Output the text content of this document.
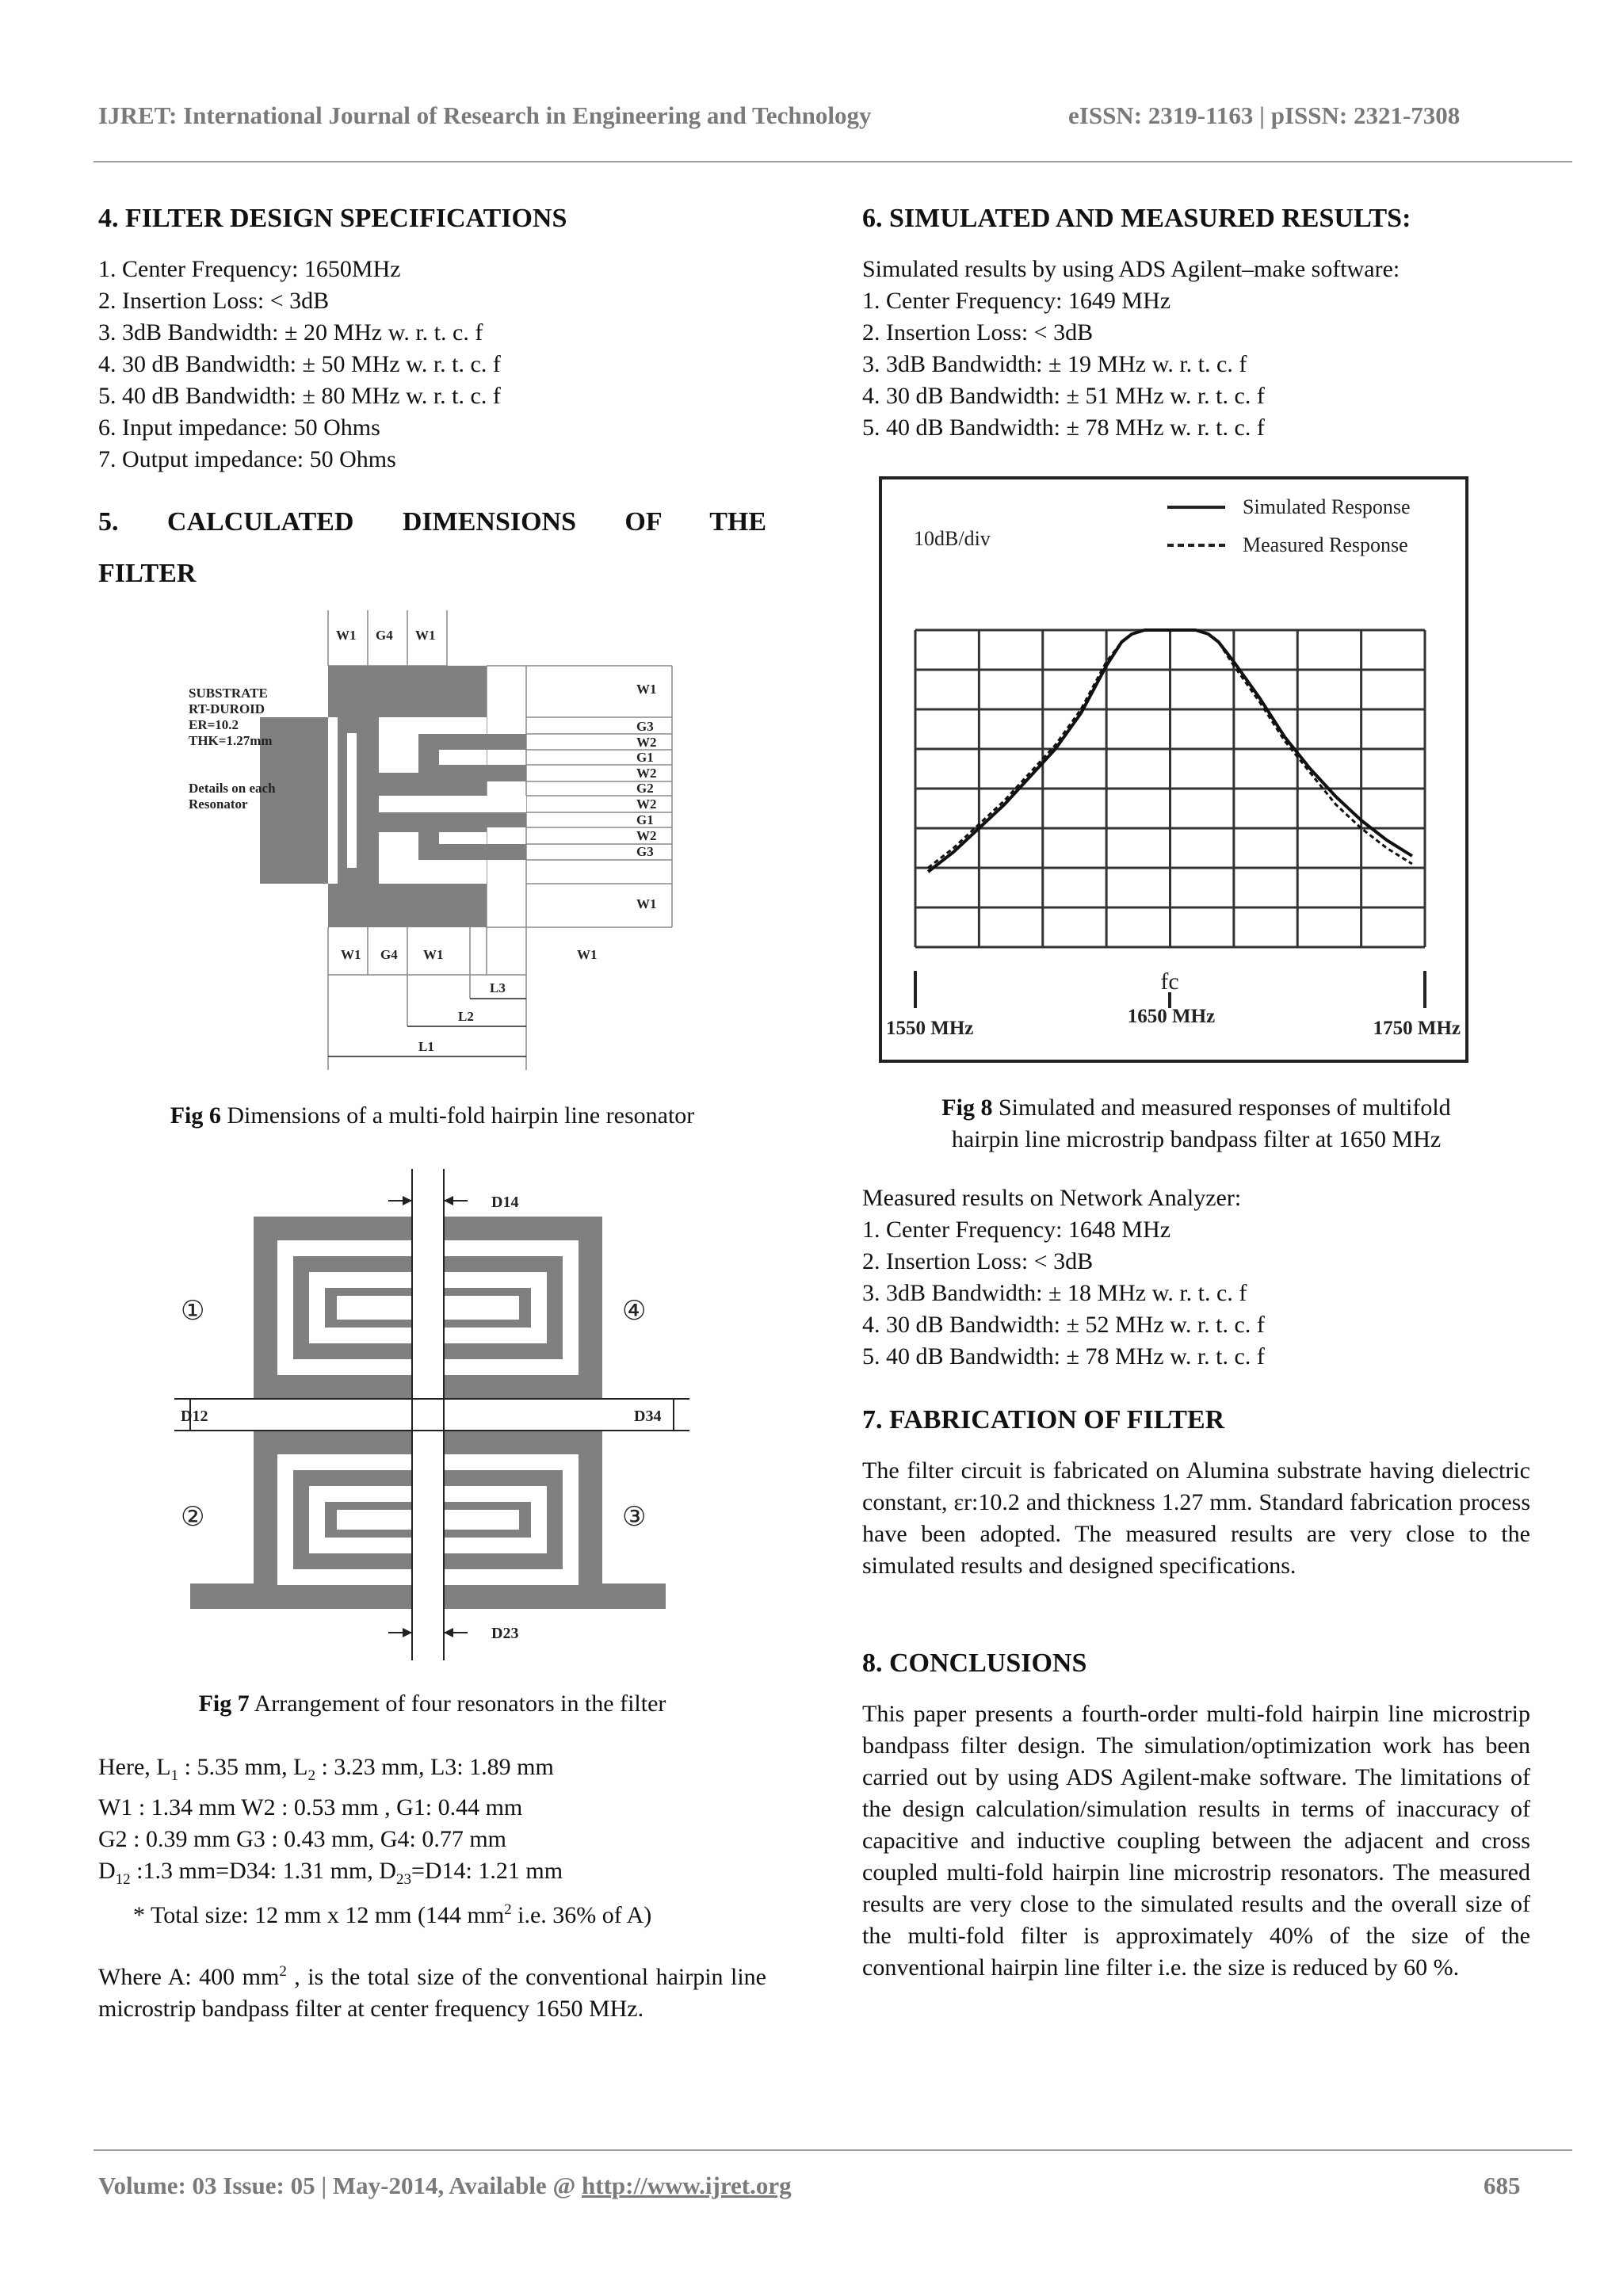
IJRET: International Journal of Research in Engineering and Technology	eISSN: 2319-1163 | pISSN: 2321-7308
4. FILTER DESIGN SPECIFICATIONS
1. Center Frequency: 1650MHz
2. Insertion Loss: < 3dB
3. 3dB Bandwidth: ± 20 MHz w. r. t. c. f
4. 30 dB Bandwidth: ± 50 MHz w. r. t. c. f
5. 40 dB Bandwidth: ± 80 MHz w. r. t. c. f
6. Input impedance: 50 Ohms
7. Output impedance: 50 Ohms
5. CALCULATED DIMENSIONS OF THE
FILTER
SUBSTRATE
RT-DUROID
ER=10.2
THK=1.27mm
Details on each
Resonator
W1 G4 W1
W1
G3
W2
G1
W2
G2
W2
G1
W2
G3
W1
W1 G4 W1	W1
L3
L2
L1
Fig 6 Dimensions of a multi-fold hairpin line resonator
D14
D12	D34
D23
①
②	③
④
Fig 7 Arrangement of four resonators in the filter
Here, $L_1$ : 5.35 mm, $L_2$ : 3.23 mm, L3: 1.89 mm
W1 : 1.34 mm W2 : 0.53 mm , G1: 0.44 mm
G2 : 0.39 mm G3 : 0.43 mm, G4: 0.77 mm
$D_{12}$ :1.3 mm=D34: 1.31 mm, $D_{23}=D14$: 1.21 mm
* Total size: 12 mm x 12 mm (144 $mm^2$ i.e. 36% of A)

Where A: 400 $mm^2$ , is the total size of the conventional hairpin line microstrip bandpass filter at center frequency 1650 MHz.

6. SIMULATED AND MEASURED RESULTS:
Simulated results by using ADS Agilent–make software:
1. Center Frequency: 1649 MHz
2. Insertion Loss: < 3dB
3. 3dB Bandwidth: ± 19 MHz w. r. t. c. f
4. 30 dB Bandwidth: ± 51 MHz w. r. t. c. f
5. 40 dB Bandwidth: ± 78 MHz w. r. t. c. f
10dB/div
Simulated Response
Measured Response
fc
1550 MHz
1650 MHz
1750 MHz
Fig 8 Simulated and measured responses of multifold
hairpin line microstrip bandpass filter at 1650 MHz
Measured results on Network Analyzer:
1. Center Frequency: 1648 MHz
2. Insertion Loss: < 3dB
3. 3dB Bandwidth: ± 18 MHz w. r. t. c. f
4. 30 dB Bandwidth: ± 52 MHz w. r. t. c. f
5. 40 dB Bandwidth: ± 78 MHz w. r. t. c. f
7. FABRICATION OF FILTER

The filter circuit is fabricated on Alumina substrate having dielectric constant, εr:10.2 and thickness 1.27 mm. Standard fabrication process have been adopted. The measured results are very close to the simulated results and designed specifications.

8. CONCLUSIONS

This paper presents a fourth-order multi-fold hairpin line microstrip bandpass filter design. The simulation/optimization work has been carried out by using ADS Agilent-make software. The limitations of the design calculation/simulation results in terms of inaccuracy of capacitive and inductive coupling between the adjacent and cross coupled multi-fold hairpin line microstrip resonators. The measured results are very close to the simulated results and the overall size of the multi-fold filter is approximately 40% of the size of the conventional hairpin line filter i.e. the size is reduced by 60 %.

Volume: 03 Issue: 05 | May-2014, Available @ http://www.ijret.org	685
